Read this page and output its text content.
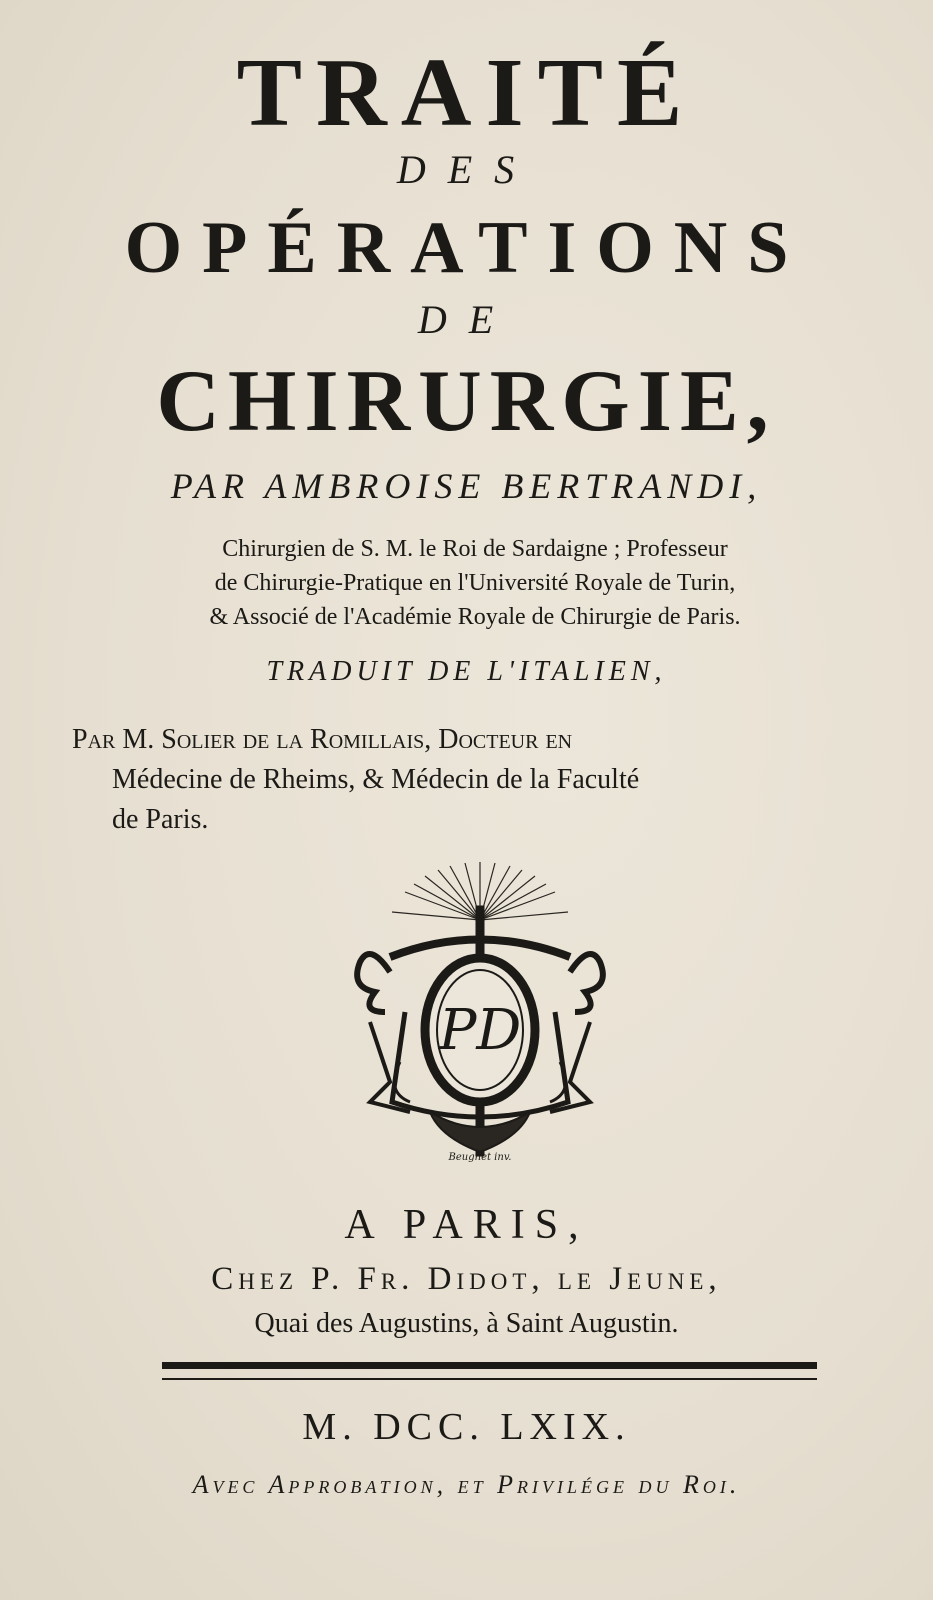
TRAITÉ
DES
OPÉRATIONS
DE
CHIRURGIE,
PAR AMBROISE BERTRANDI,
Chirurgien de S. M. le Roi de Sardaigne ; Professeur
de Chirurgie-Pratique en l'Université Royale de Turin,
& Associé de l'Académie Royale de Chirurgie de Paris.
TRADUIT DE L'ITALIEN,
Par M. Solier de la Romillais, Docteur en
Médecine de Rheims, & Médecin de la Faculté
de Paris.
PD
Beugnet inv.
A PARIS,
Chez P. Fr. Didot, le Jeune,
Quai des Augustins, à Saint Augustin.
M. DCC. LXIX.
Avec Approbation, et Privilége du Roi.
